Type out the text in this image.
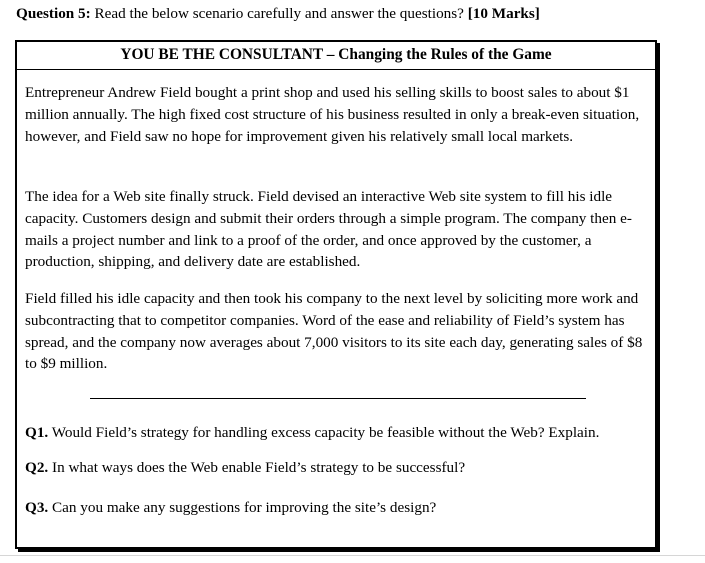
Question 5: Read the below scenario carefully and answer the questions? [10 Marks]
YOU BE THE CONSULTANT – Changing the Rules of the Game

Entrepreneur Andrew Field bought a print shop and used his selling skills to boost sales to about $1 million annually. The high fixed cost structure of his business resulted in only a break-even situation, however, and Field saw no hope for improvement given his relatively small local markets.

The idea for a Web site finally struck. Field devised an interactive Web site system to fill his idle capacity. Customers design and submit their orders through a simple program. The company then e-mails a project number and link to a proof of the order, and once approved by the customer, a production, shipping, and delivery date are established.

Field filled his idle capacity and then took his company to the next level by soliciting more work and subcontracting that to competitor companies. Word of the ease and reliability of Field’s system has spread, and the company now averages about 7,000 visitors to its site each day, generating sales of $8 to $9 million.

Q1. Would Field’s strategy for handling excess capacity be feasible without the Web? Explain.
Q2. In what ways does the Web enable Field’s strategy to be successful?
Q3. Can you make any suggestions for improving the site’s design?
